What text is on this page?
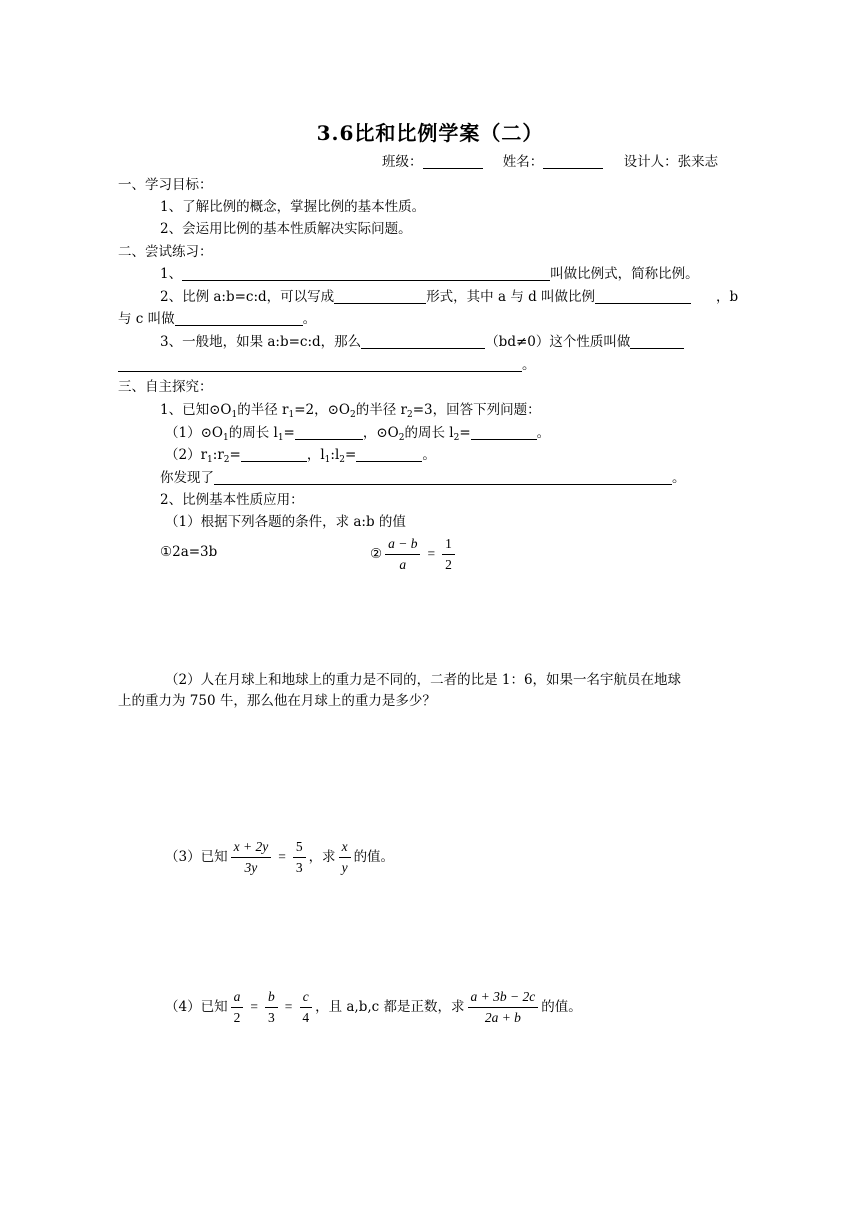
3.6比和比例学案（二）
班级：	姓名：	设计人：张来志
一、学习目标：
1、了解比例的概念，掌握比例的基本性质。
2、会运用比例的基本性质解决实际问题。
二、尝试练习：
1、	叫做比例式，简称比例。
2、比例 a:b=c:d，可以写成	形式，其中 a 与 d 叫做比例	，b
与 c 叫做	。
3、一般地，如果 a:b=c:d，那么	（bd≠0）这个性质叫做
。
三、自主探究：
1、已知$⊙O_1$的半径 $r_1=2$，$⊙O_2$的半径 $r_2=3$，回答下列问题：
$(1)⊙O_1$的周长 $l_1=$	，$⊙O_2$的周长 $l_2=$	。
$(2)r_1:r_2=$	，$l_1:l_2=$	。
你发现了	。
2、比例基本性质应用：
（1）根据下列各题的条件，求 a:b 的值
①2a=3b	② $\frac{a - b}{a} = \frac{1}{2}$
（2）人在月球上和地球上的重力是不同的，二者的比是 1：6，如果一名宇航员在地球
上的重力为 750 牛，那么他在月球上的重力是多少？
（3）已知 $\frac{x + 2y}{3y} = \frac{5}{3}$ ，求 $\frac{x}{y}$ 的值。
（4）已知 $\frac{a}{2} = \frac{b}{3} = \frac{c}{4}$ ，且 a,b,c 都是正数，求 $\frac{a + 3b - 2c}{2a + b}$ 的值。
